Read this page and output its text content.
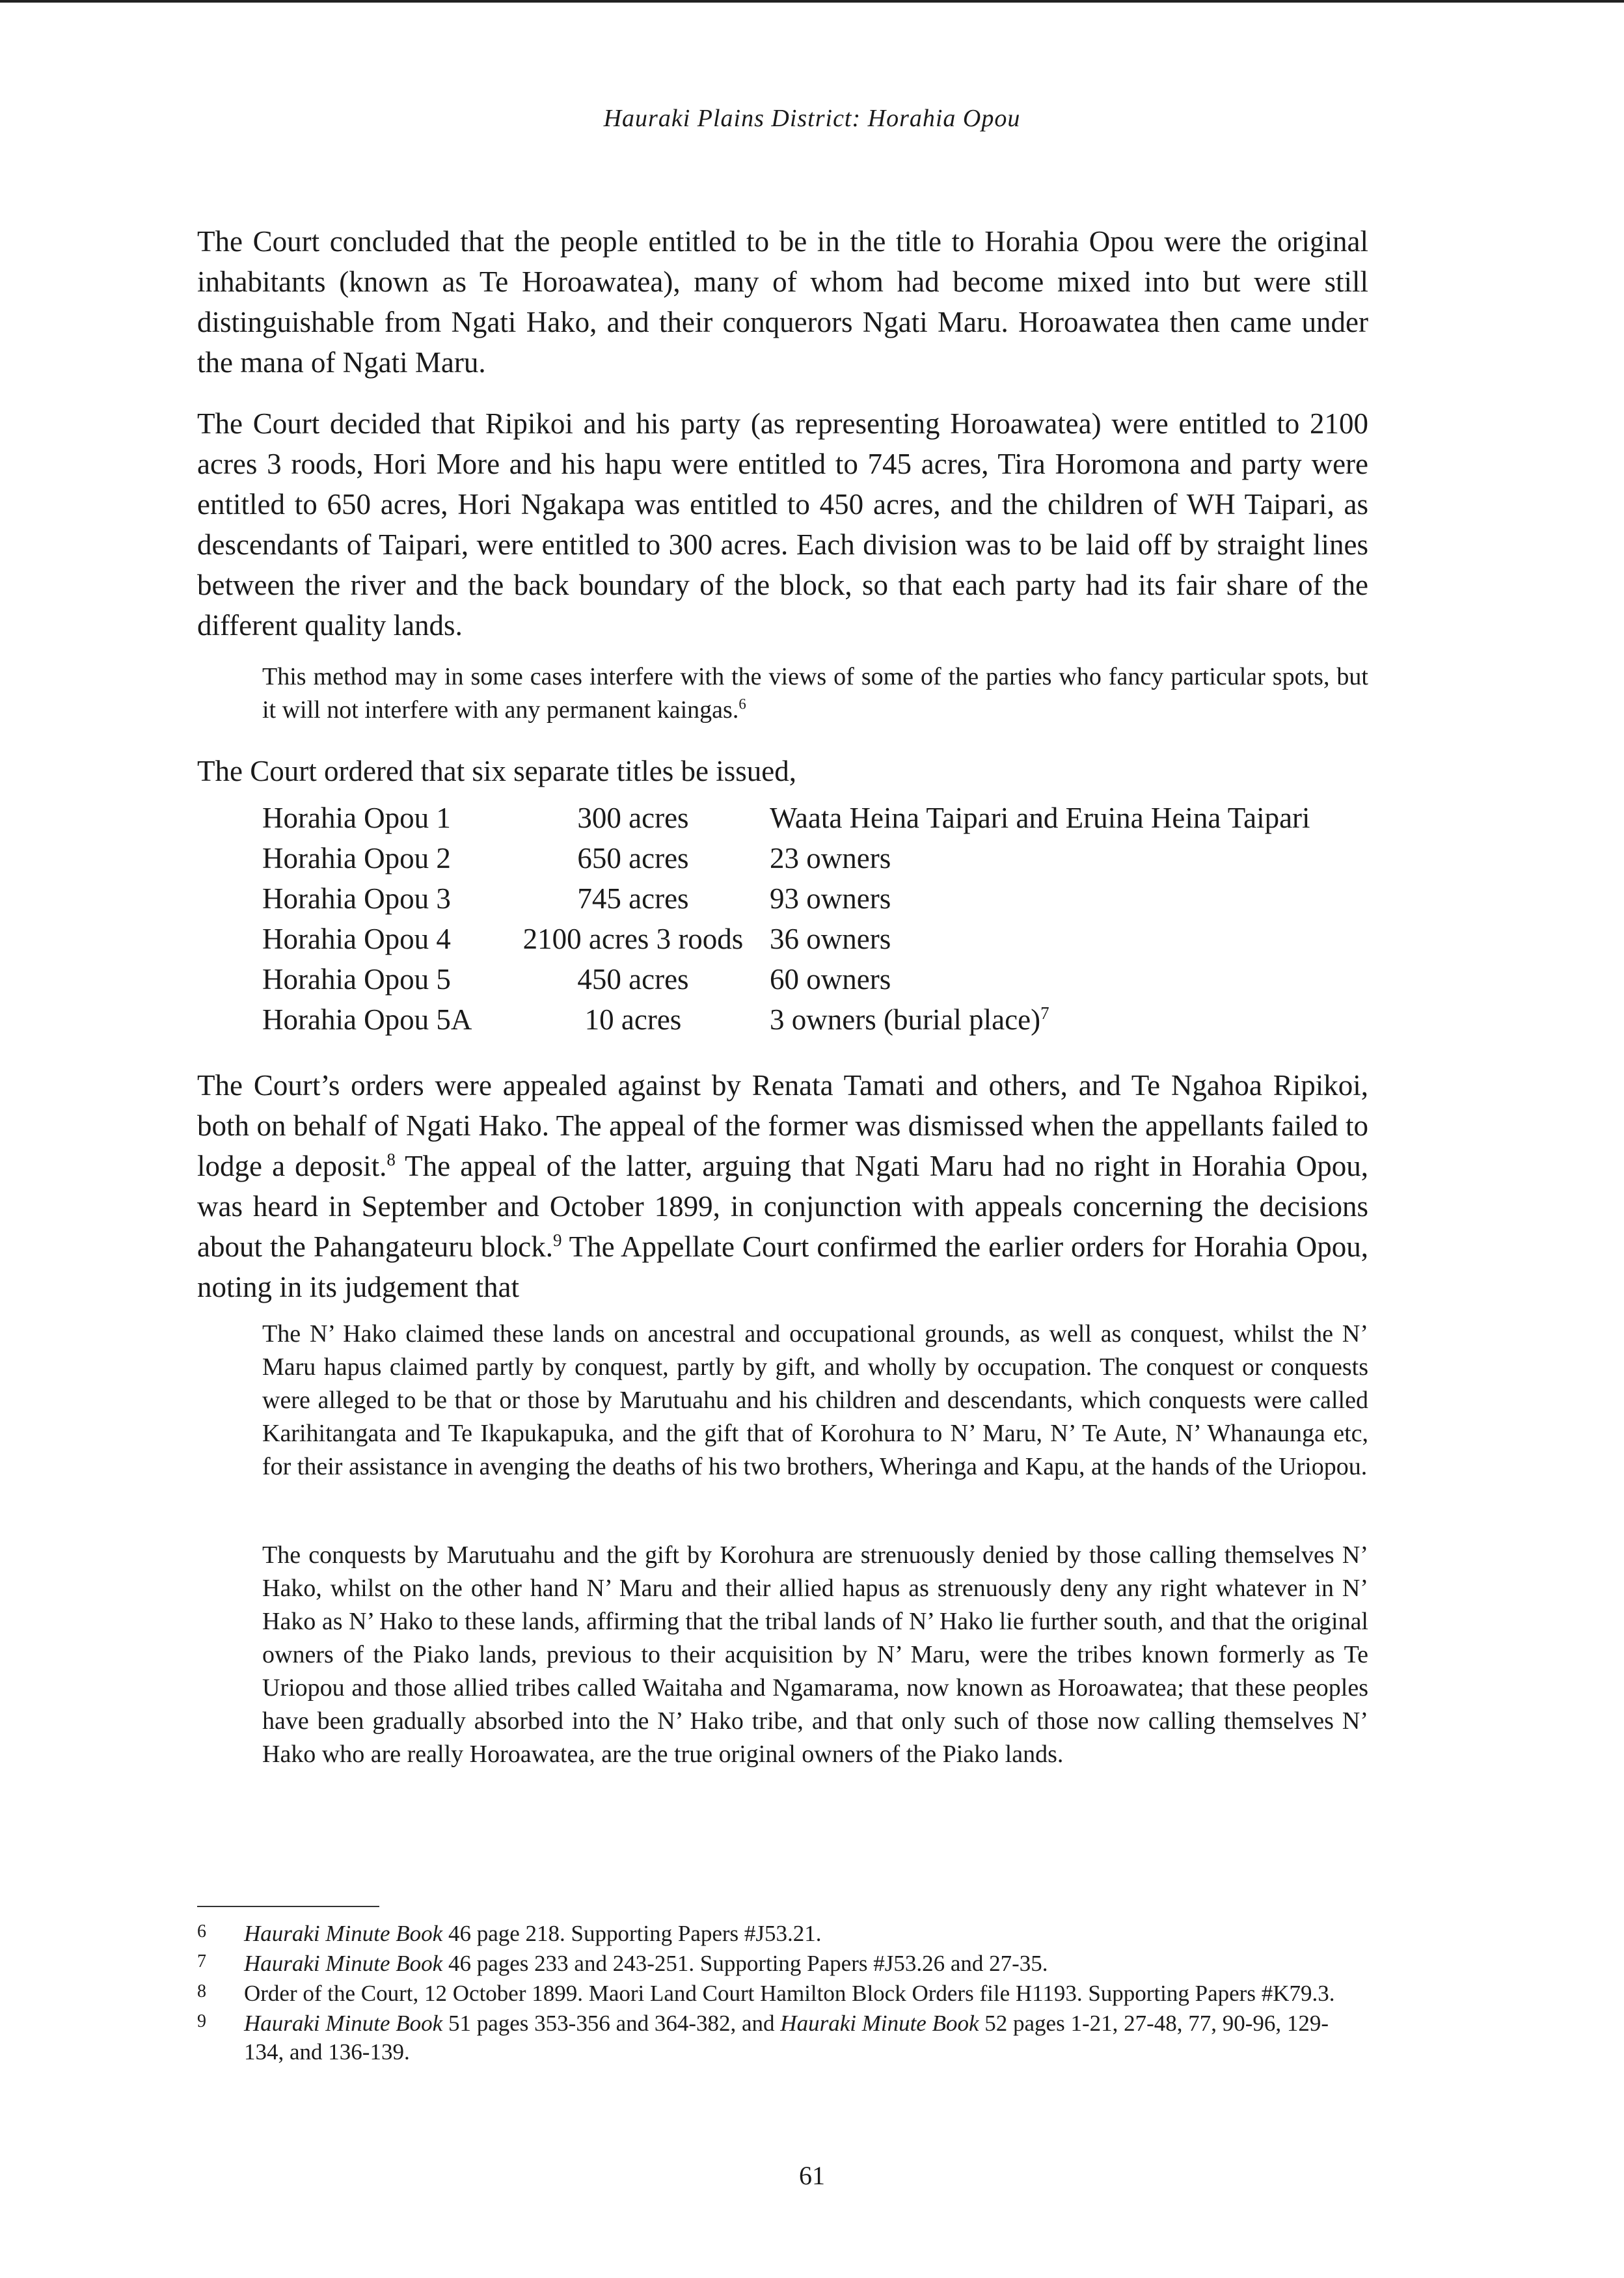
Hauraki Plains District: Horahia Opou

The Court concluded that the people entitled to be in the title to Horahia Opou were the original inhabitants (known as Te Horoawatea), many of whom had become mixed into but were still distinguishable from Ngati Hako, and their conquerors Ngati Maru. Horoawatea then came under the mana of Ngati Maru.

The Court decided that Ripikoi and his party (as representing Horoawatea) were entitled to 2100 acres 3 roods, Hori More and his hapu were entitled to 745 acres, Tira Horomona and party were entitled to 650 acres, Hori Ngakapa was entitled to 450 acres, and the children of WH Taipari, as descendants of Taipari, were entitled to 300 acres. Each division was to be laid off by straight lines between the river and the back boundary of the block, so that each party had its fair share of the different quality lands.

This method may in some cases interfere with the views of some of the parties who fancy particular spots, but it will not interfere with any permanent kaingas.$^6$

The Court ordered that six separate titles be issued,

Horahia Opou 1	300 acres	Waata Heina Taipari and Eruina Heina Taipari
Horahia Opou 2	650 acres	23 owners
Horahia Opou 3	745 acres	93 owners
Horahia Opou 4	2100 acres 3 roods	36 owners
Horahia Opou 5	450 acres	60 owners
Horahia Opou 5A	10 acres	3 owners (burial place)$^7$

The Court’s orders were appealed against by Renata Tamati and others, and Te Ngahoa Ripikoi, both on behalf of Ngati Hako. The appeal of the former was dismissed when the appellants failed to lodge a deposit.$^8$ The appeal of the latter, arguing that Ngati Maru had no right in Horahia Opou, was heard in September and October 1899, in conjunction with appeals concerning the decisions about the Pahangateuru block.$^9$ The Appellate Court confirmed the earlier orders for Horahia Opou, noting in its judgement that

The N’ Hako claimed these lands on ancestral and occupational grounds, as well as conquest, whilst the N’ Maru hapus claimed partly by conquest, partly by gift, and wholly by occupation. The conquest or conquests were alleged to be that or those by Marutuahu and his children and descendants, which conquests were called Karihitangata and Te Ikapukapuka, and the gift that of Korohura to N’ Maru, N’ Te Aute, N’ Whanaunga etc, for their assistance in avenging the deaths of his two brothers, Wheringa and Kapu, at the hands of the Uriopou.

The conquests by Marutuahu and the gift by Korohura are strenuously denied by those calling themselves N’ Hako, whilst on the other hand N’ Maru and their allied hapus as strenuously deny any right whatever in N’ Hako as N’ Hako to these lands, affirming that the tribal lands of N’ Hako lie further south, and that the original owners of the Piako lands, previous to their acquisition by N’ Maru, were the tribes known formerly as Te Uriopou and those allied tribes called Waitaha and Ngamarama, now known as Horoawatea; that these peoples have been gradually absorbed into the N’ Hako tribe, and that only such of those now calling themselves N’ Hako who are really Horoawatea, are the true original owners of the Piako lands.

6	Hauraki Minute Book 46 page 218. Supporting Papers #J53.21.
7	Hauraki Minute Book 46 pages 233 and 243-251. Supporting Papers #J53.26 and 27-35.
8	Order of the Court, 12 October 1899. Maori Land Court Hamilton Block Orders file H1193. Supporting Papers #K79.3.
9	Hauraki Minute Book 51 pages 353-356 and 364-382, and Hauraki Minute Book 52 pages 1-21, 27-48, 77, 90-96, 129-134, and 136-139.
61
